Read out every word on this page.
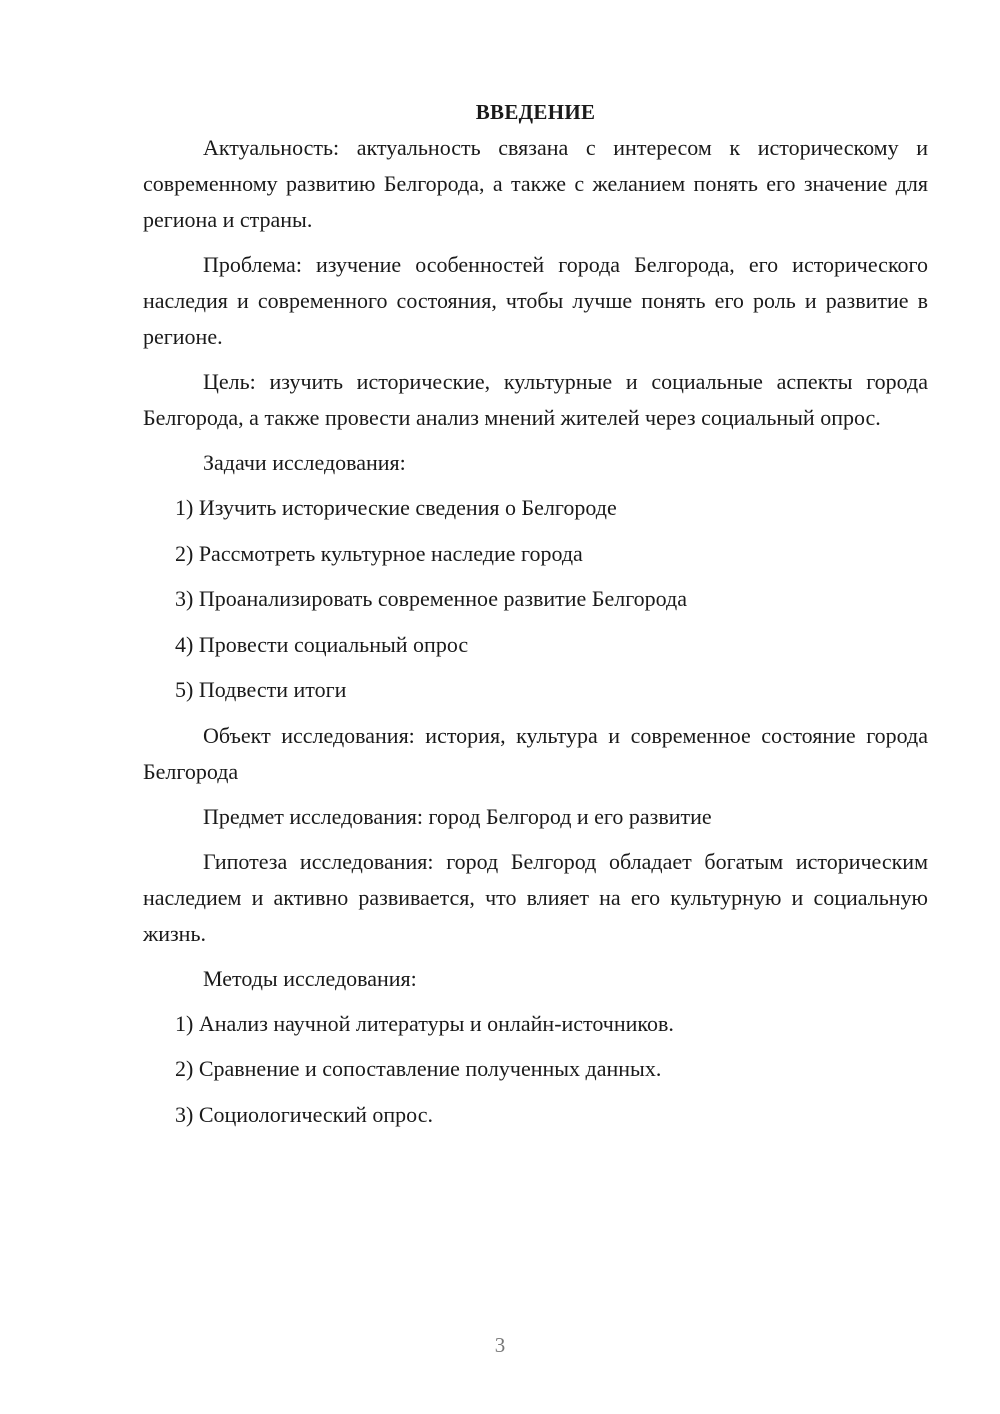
ВВЕДЕНИЕ

Актуальность: актуальность связана с интересом к историческому и современному развитию Белгорода, а также с желанием понять его значение для региона и страны.

Проблема: изучение особенностей города Белгорода, его исторического наследия и современного состояния, чтобы лучше понять его роль и развитие в регионе.

Цель: изучить исторические, культурные и социальные аспекты города Белгорода, а также провести анализ мнений жителей через социальный опрос.

Задачи исследования:

1) Изучить исторические сведения о Белгороде
2) Рассмотреть культурное наследие города
3) Проанализировать современное развитие Белгорода
4) Провести социальный опрос
5) Подвести итоги

Объект исследования: история, культура и современное состояние города Белгорода

Предмет исследования: город Белгород и его развитие

Гипотеза исследования: город Белгород обладает богатым историческим наследием и активно развивается, что влияет на его культурную и социальную жизнь.

Методы исследования:

1) Анализ научной литературы и онлайн-источников.
2) Сравнение и сопоставление полученных данных.
3) Социологический опрос.
3
